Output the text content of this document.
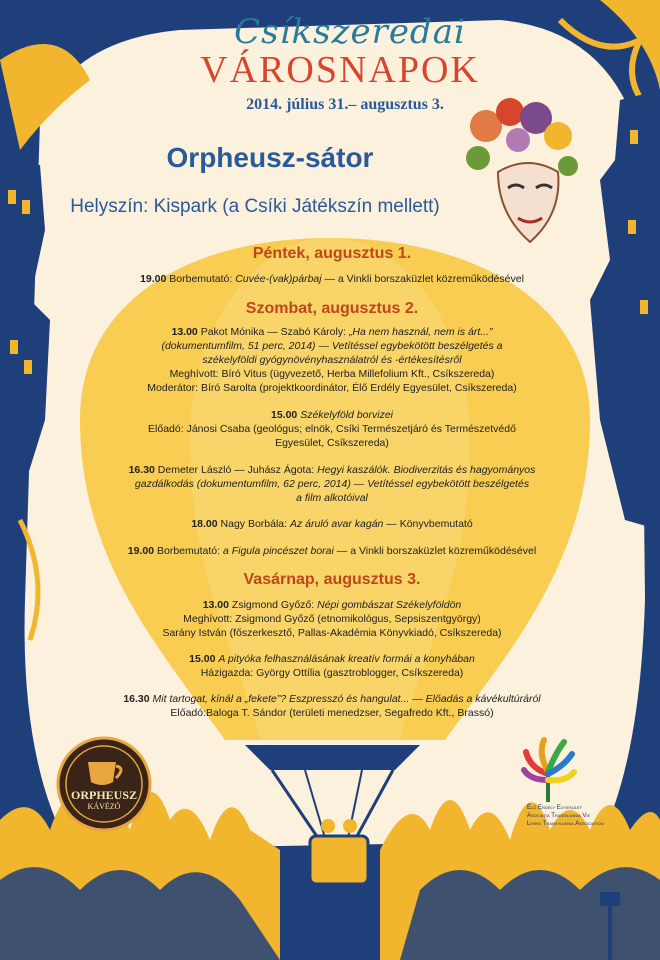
Csíkszeredai
VÁROSNAPOK
2014. július 31.– augusztus 3.
Orpheusz-sátor
Helyszín: Kispark (a Csíki Játékszín mellett)
Péntek, augusztus 1.
19.00 Borbemutató: Cuvée-(vak)párbaj — a Vinkli borszaküzlet közreműködésével
Szombat, augusztus 2.
13.00 Pakot Mónika — Szabó Károly: „Ha nem használ, nem is árt...”
(dokumentumfilm, 51 perc, 2014) — Vetítéssel egybekötött beszélgetés a
székelyföldi gyógynövényhasználatról és -értékesítésről
Meghívott: Bíró Vitus (ügyvezető, Herba Millefolium Kft., Csíkszereda)
Moderátor: Bíró Sarolta (projektkoordinátor, Élő Erdély Egyesület, Csíkszereda)
15.00 Székelyföld borvizei
Előadó: Jánosi Csaba (geológus; elnök, Csíki Természetjáró és Természetvédő
Egyesület, Csíkszereda)
16.30 Demeter László — Juhász Ágota: Hegyi kaszálók. Biodiverzitás és hagyományos
gazdálkodás (dokumentumfilm, 62 perc, 2014) — Vetítéssel egybekötött beszélgetés
a film alkotóival
18.00 Nagy Borbála: Az áruló avar kagán — Könyvbemutató
19.00 Borbemutató: a Figula pincészet borai — a Vinkli borszaküzlet közreműködésével
Vasárnap, augusztus 3.
13.00 Zsigmond Győző: Népi gombászat Székelyföldön
Meghívott: Zsigmond Győző (etnomikológus, Sepsiszentgyörgy)
Sarány István (főszerkesztő, Pallas-Akadémia Könyvkiadó, Csíkszereda)
15.00 A pityóka felhasználásának kreatív formái a konyhában
Házigazda: György Ottília (gasztroblogger, Csíkszereda)
16.30 Mit tartogat, kínál a „fekete”? Eszpresszó és hangulat... — Előadás a kávékultúráról
Előadó:Baloga T. Sándor (területi menedzser, Segafredo Kft., Brassó)
ORPHEUSZ
KÁVÉZÓ	Élő Erdély Egyesület
Asociaţia Transilvania Vie
Living Transylvania Association
